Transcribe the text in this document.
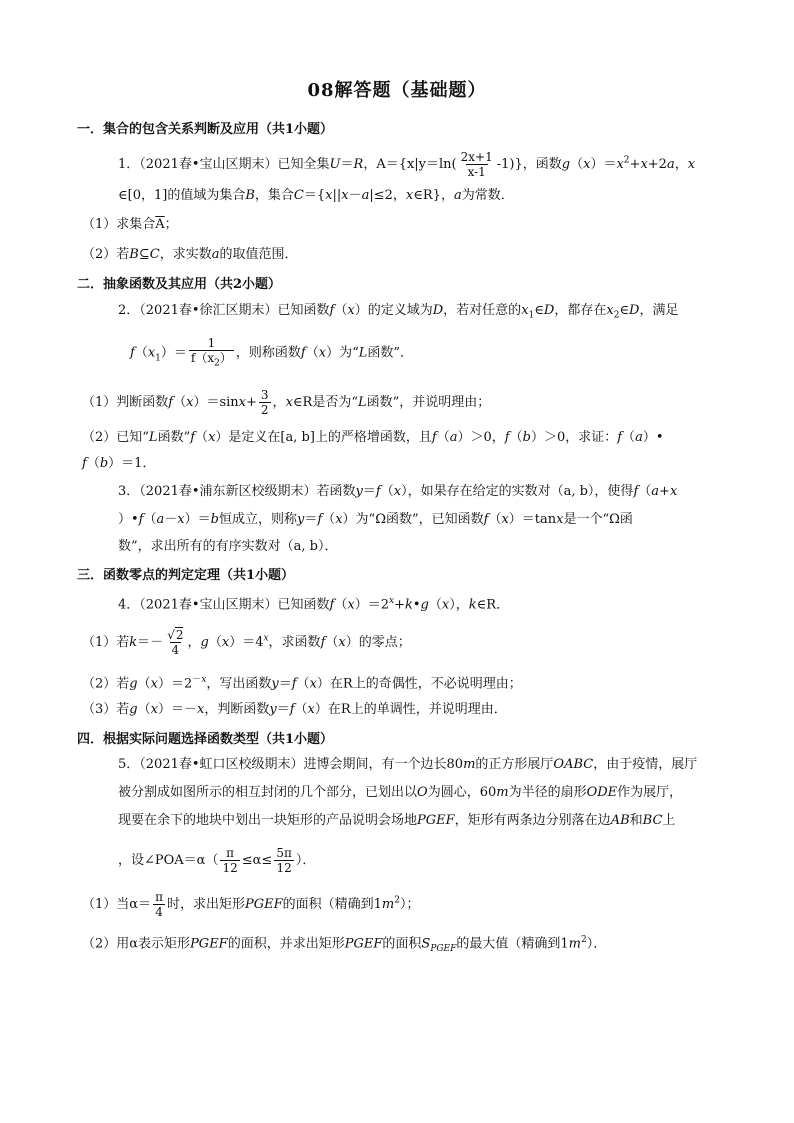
08解答题（基础题）
一．集合的包含关系判断及应用（共1小题）
1．（2021春•宝山区期末）已知全集U＝R，$A=\{x|y=\ln( \frac{2x+1}{x-1} -1)\}$，函数$g(x)=x^2+x+2a$，x
∈[0，1]的值域为集合B，集合C＝{x||x－a|≤2，x∈R}，a为常数．
（1）求集合$\overline{A}$；
（2）若B⊆C，求实数a的取值范围．
二．抽象函数及其应用（共2小题）
2．（2021春•徐汇区期末）已知函数f（x）的定义域为D，若对任意的$x_1\in D$，都存在$x_2\in D$，满足
$f(x_1)= \frac{1}{f(x_2)}$ ，则称函数f（x）为“L函数”．
（1）判断函数$f(x)=\sin x+ \frac{3}{2}$ ，x∈R是否为“L函数”，并说明理由；
（2）已知“L函数”f（x）是定义在[a, b]上的严格增函数，且f（a）＞0，f（b）＞0，求证：f（a）•
f（b）＝1．
3．（2021春•浦东新区校级期末）若函数y＝f（x），如果存在给定的实数对（a, b），使得f（a+x
）•f（a－x）＝b恒成立，则称y＝f（x）为“Ω函数”，已知函数f（x）＝tanx是一个“Ω函
数”，求出所有的有序实数对（a, b）．
三．函数零点的判定定理（共1小题）
4．（2021春•宝山区期末）已知函数$f(x)=2^x+k•g(x)$，k∈R．
（1）若$k=- \frac{√2}{4}$ ，$g(x)=4^x$，求函数f（x）的零点；
（2）若$g(x)=2^{-x}$，写出函数y＝f（x）在R上的奇偶性，不必说明理由；
（3）若g（x）＝－x，判断函数y＝f（x）在R上的单调性，并说明理由．
四．根据实际问题选择函数类型（共1小题）
5．（2021春•虹口区校级期末）进博会期间，有一个边长80m的正方形展厅OABC，由于疫情，展厅
被分割成如图所示的相互封闭的几个部分，已划出以O为圆心，60m为半径的扇形ODE作为展厅，
现要在余下的地块中划出一块矩形的产品说明会场地PGEF，矩形有两条边分别落在边AB和BC上
，设∠POA＝α（ $\frac{\pi}{12} \le\alpha\le \frac{5\pi}{12}$ ）．
（1）当$\alpha= \frac{\pi}{4}$ 时，求出矩形PGEF的面积（精确到$1m^2$）；
（2）用α表示矩形PGEF的面积，并求出矩形PGEF的面积$S_{PGEF}$的最大值（精确到$1m^2$）．
